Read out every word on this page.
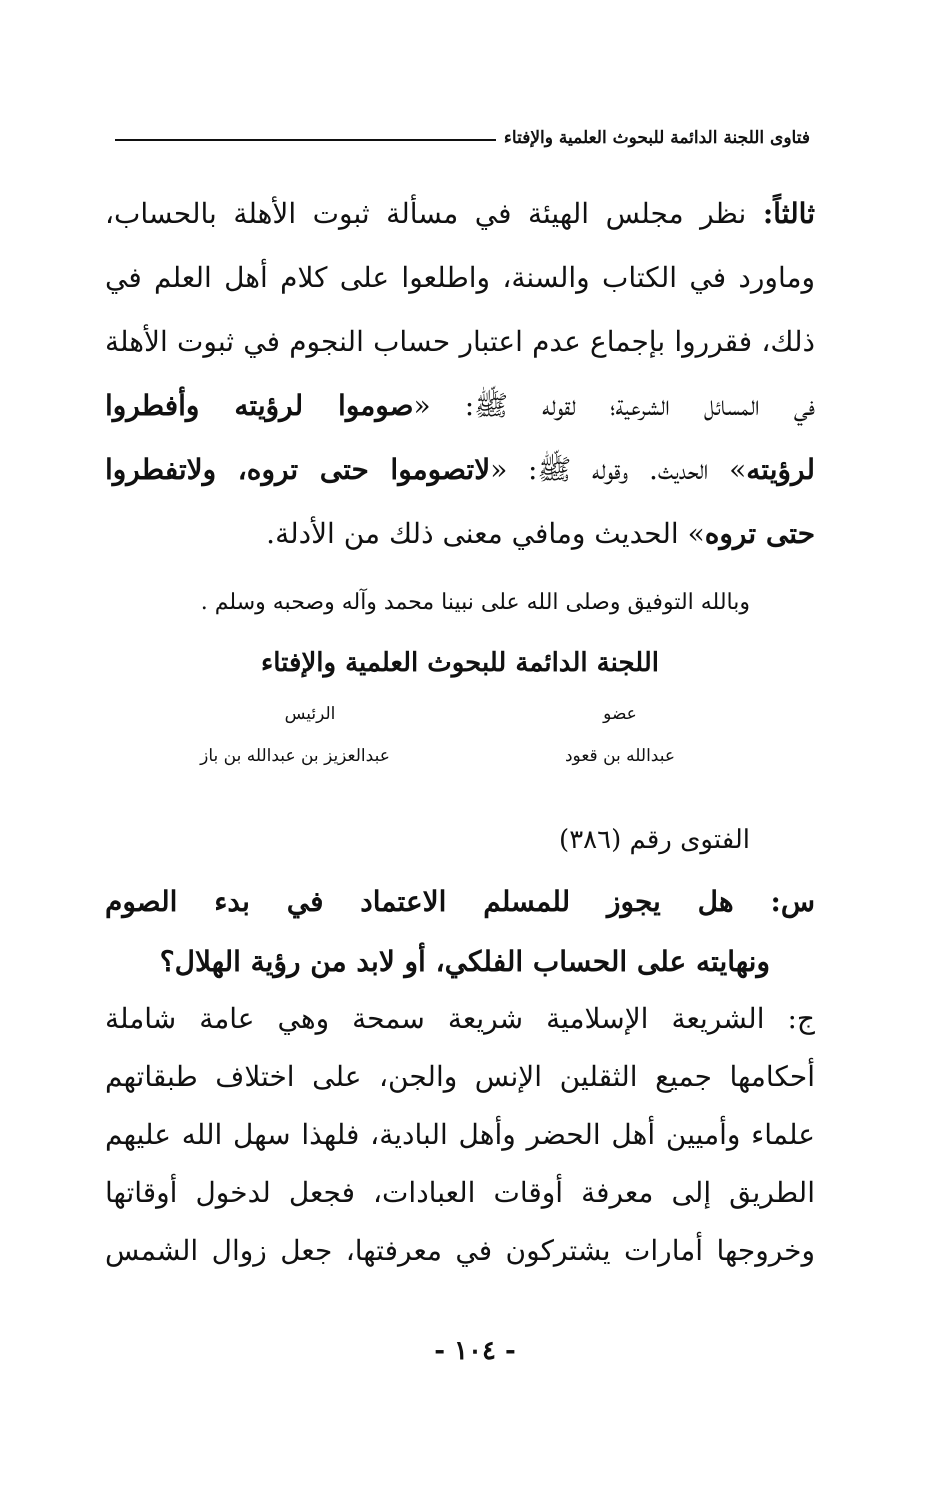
فتاوى اللجنة الدائمة للبحوث العلمية والإفتاء
ثالثاً: نظر مجلس الهيئة في مسألة ثبوت الأهلة بالحساب،
وماورد في الكتاب والسنة، واطلعوا على كلام أهل العلم في
ذلك، فقرروا بإجماع عدم اعتبار حساب النجوم في ثبوت الأهلة
في المسائل الشرعية؛ لقوله ﷺ: «صوموا لرؤيته وأفطروا
لرؤيته» الحديث. وقوله ﷺ: «لاتصوموا حتى تروه، ولاتفطروا
حتى تروه» الحديث ومافي معنى ذلك من الأدلة.
وبالله التوفيق وصلى الله على نبينا محمد وآله وصحبه وسلم .
اللجنة الدائمة للبحوث العلمية والإفتاء
عضو
عبدالله بن قعود
الرئيس
عبدالعزيز بن عبدالله بن باز
الفتوى رقم (٣٨٦)
س: هل يجوز للمسلم الاعتماد في بدء الصوم
ونهايته على الحساب الفلكي، أو لابد من رؤية الهلال؟
ج: الشريعة الإسلامية شريعة سمحة وهي عامة شاملة
أحكامها جميع الثقلين الإنس والجن، على اختلاف طبقاتهم
علماء وأميين أهل الحضر وأهل البادية، فلهذا سهل الله عليهم
الطريق إلى معرفة أوقات العبادات، فجعل لدخول أوقاتها
وخروجها أمارات يشتركون في معرفتها، جعل زوال الشمس
- ١٠٤ -
